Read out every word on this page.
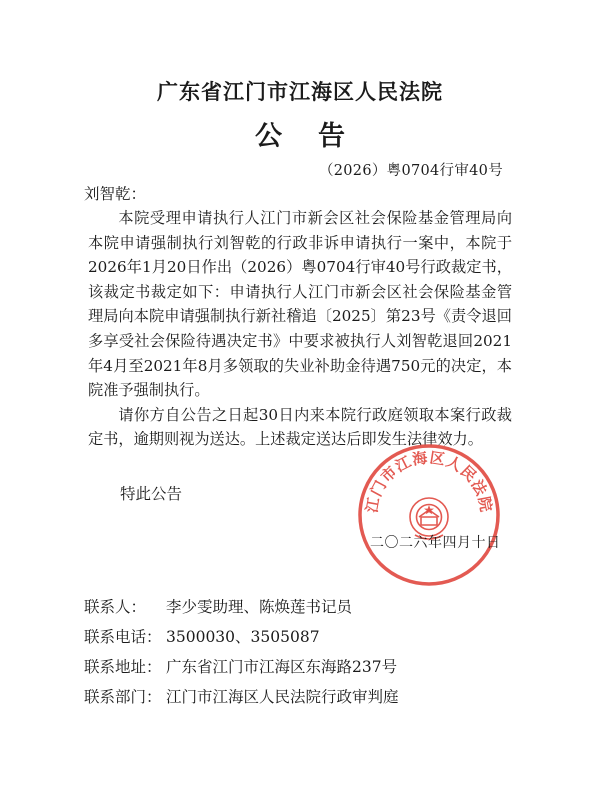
广东省江门市江海区人民法院
公告
（2026）粤0704行审40号
刘智乾：

本院受理申请执行人江门市新会区社会保险基金管理局向本院申请强制执行刘智乾的行政非诉申请执行一案中，本院于2026年1月20日作出（2026）粤0704行审40号行政裁定书，该裁定书裁定如下：申请执行人江门市新会区社会保险基金管理局向本院申请强制执行新社稽追〔2025〕第23号《责令退回多享受社会保险待遇决定书》中要求被执行人刘智乾退回2021年4月至2021年8月多领取的失业补助金待遇750元的决定，本院准予强制执行。

请你方自公告之日起30日内来本院行政庭领取本案行政裁定书，逾期则视为送达。上述裁定送达后即发生法律效力。

特此公告
江门市江海区人民法院
二〇二六年四月十日
联系人： 李少雯助理、陈焕莲书记员
联系电话： 3500030、3505087
联系地址： 广东省江门市江海区东海路237号
联系部门： 江门市江海区人民法院行政审判庭
